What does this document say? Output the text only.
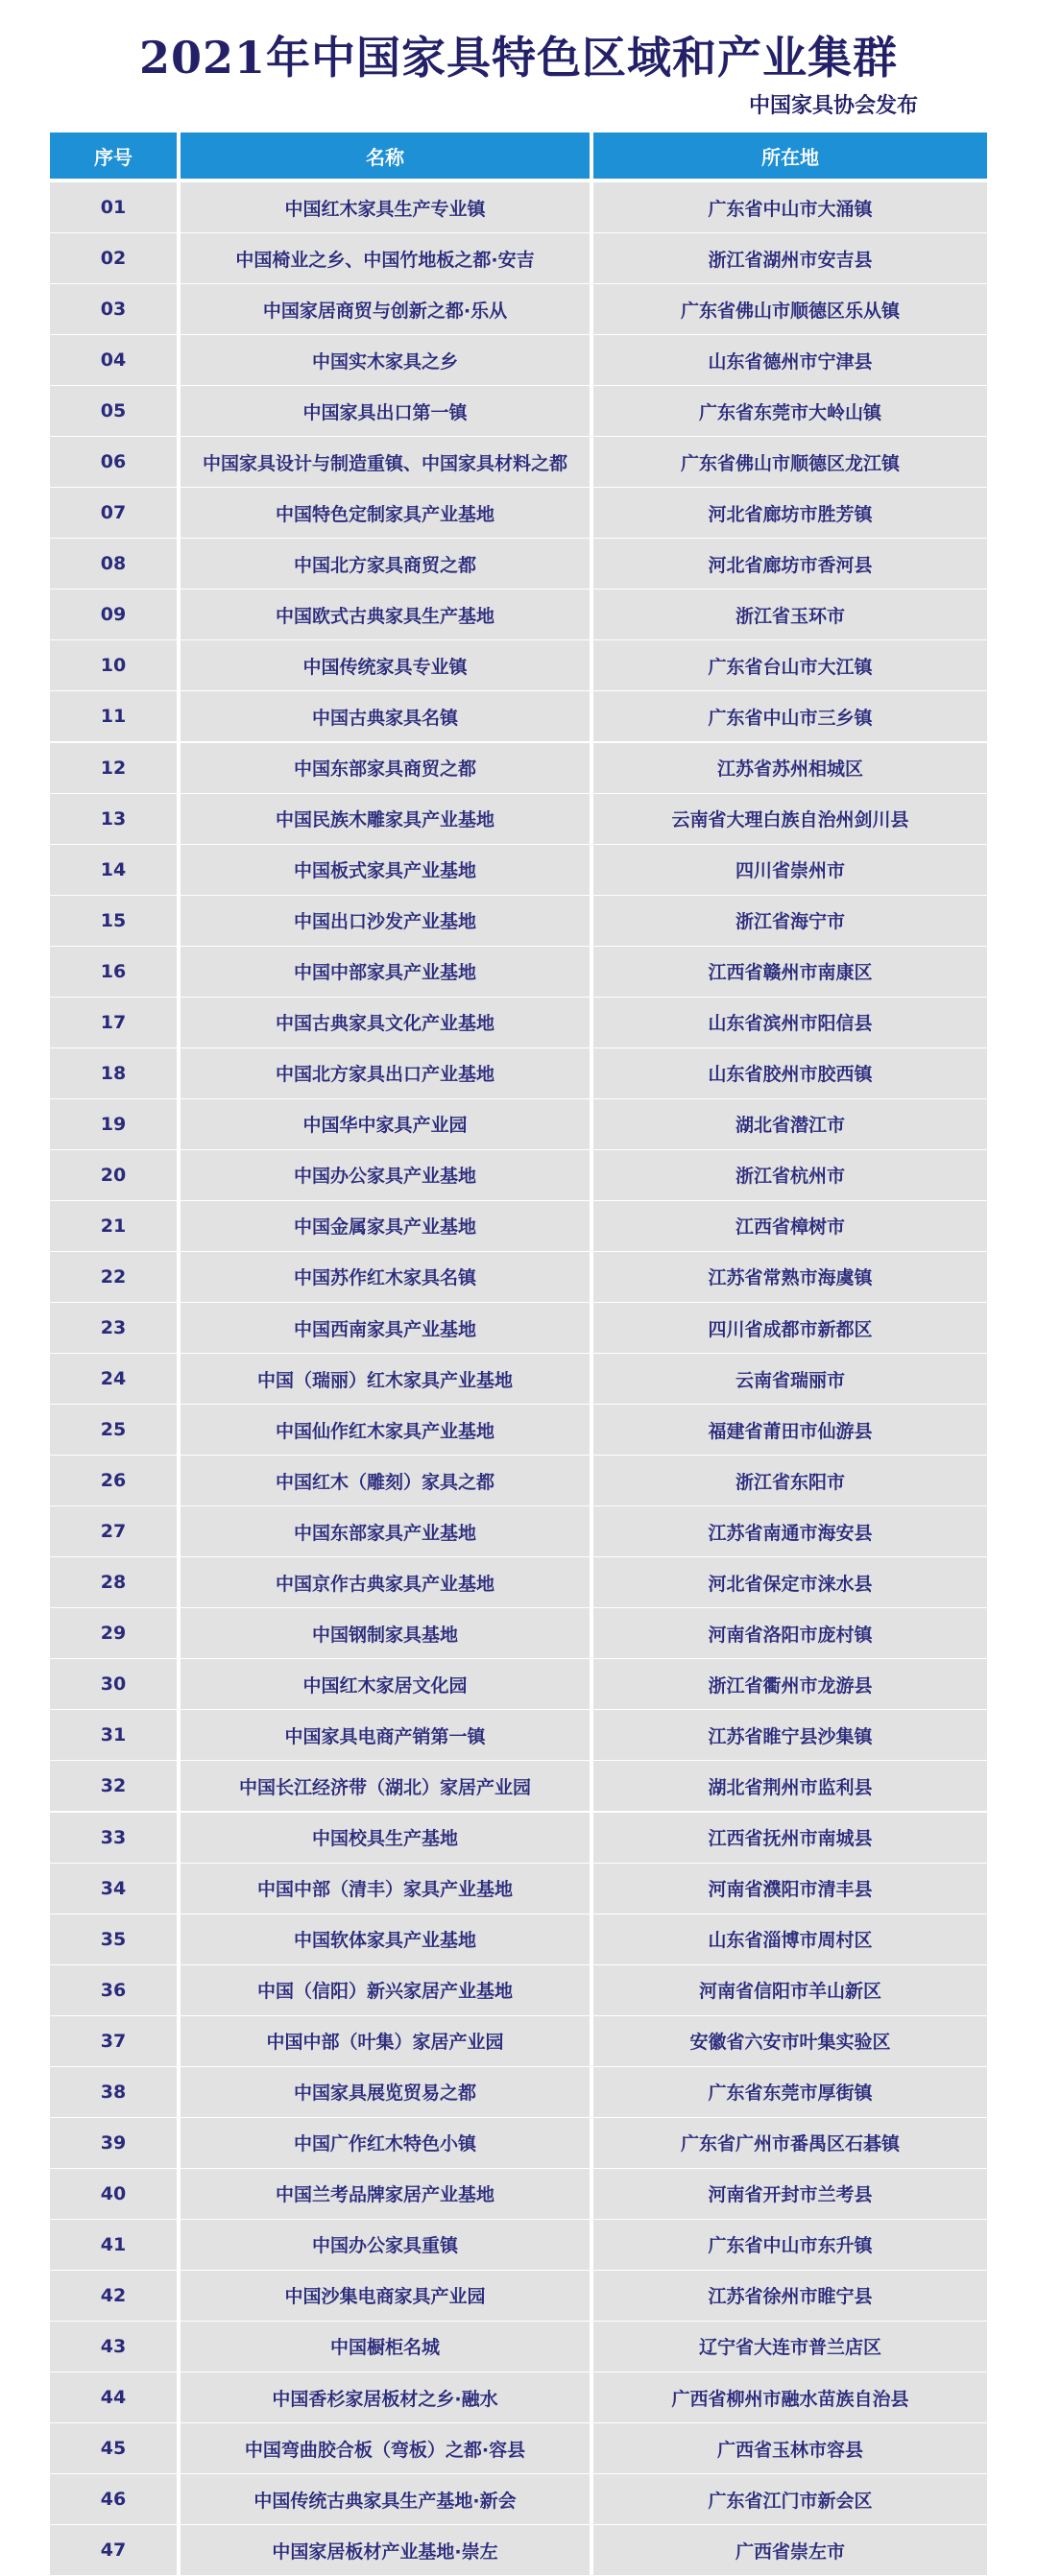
2021年中国家具特色区域和产业集群
中国家具协会发布
序号	名称	所在地
01	中国红木家具生产专业镇	广东省中山市大涌镇
02	中国椅业之乡、中国竹地板之都·安吉	浙江省湖州市安吉县
03	中国家居商贸与创新之都·乐从	广东省佛山市顺德区乐从镇
04	中国实木家具之乡	山东省德州市宁津县
05	中国家具出口第一镇	广东省东莞市大岭山镇
06	中国家具设计与制造重镇、中国家具材料之都	广东省佛山市顺德区龙江镇
07	中国特色定制家具产业基地	河北省廊坊市胜芳镇
08	中国北方家具商贸之都	河北省廊坊市香河县
09	中国欧式古典家具生产基地	浙江省玉环市
10	中国传统家具专业镇	广东省台山市大江镇
11	中国古典家具名镇	广东省中山市三乡镇
12	中国东部家具商贸之都	江苏省苏州相城区
13	中国民族木雕家具产业基地	云南省大理白族自治州剑川县
14	中国板式家具产业基地	四川省崇州市
15	中国出口沙发产业基地	浙江省海宁市
16	中国中部家具产业基地	江西省赣州市南康区
17	中国古典家具文化产业基地	山东省滨州市阳信县
18	中国北方家具出口产业基地	山东省胶州市胶西镇
19	中国华中家具产业园	湖北省潜江市
20	中国办公家具产业基地	浙江省杭州市
21	中国金属家具产业基地	江西省樟树市
22	中国苏作红木家具名镇	江苏省常熟市海虞镇
23	中国西南家具产业基地	四川省成都市新都区
24	中国（瑞丽）红木家具产业基地	云南省瑞丽市
25	中国仙作红木家具产业基地	福建省莆田市仙游县
26	中国红木（雕刻）家具之都	浙江省东阳市
27	中国东部家具产业基地	江苏省南通市海安县
28	中国京作古典家具产业基地	河北省保定市涞水县
29	中国钢制家具基地	河南省洛阳市庞村镇
30	中国红木家居文化园	浙江省衢州市龙游县
31	中国家具电商产销第一镇	江苏省睢宁县沙集镇
32	中国长江经济带（湖北）家居产业园	湖北省荆州市监利县
33	中国校具生产基地	江西省抚州市南城县
34	中国中部（清丰）家具产业基地	河南省濮阳市清丰县
35	中国软体家具产业基地	山东省淄博市周村区
36	中国（信阳）新兴家居产业基地	河南省信阳市羊山新区
37	中国中部（叶集）家居产业园	安徽省六安市叶集实验区
38	中国家具展览贸易之都	广东省东莞市厚街镇
39	中国广作红木特色小镇	广东省广州市番禺区石碁镇
40	中国兰考品牌家居产业基地	河南省开封市兰考县
41	中国办公家具重镇	广东省中山市东升镇
42	中国沙集电商家具产业园	江苏省徐州市睢宁县
43	中国橱柜名城	辽宁省大连市普兰店区
44	中国香杉家居板材之乡·融水	广西省柳州市融水苗族自治县
45	中国弯曲胶合板（弯板）之都·容县	广西省玉林市容县
46	中国传统古典家具生产基地·新会	广东省江门市新会区
47	中国家居板材产业基地·崇左	广西省崇左市
